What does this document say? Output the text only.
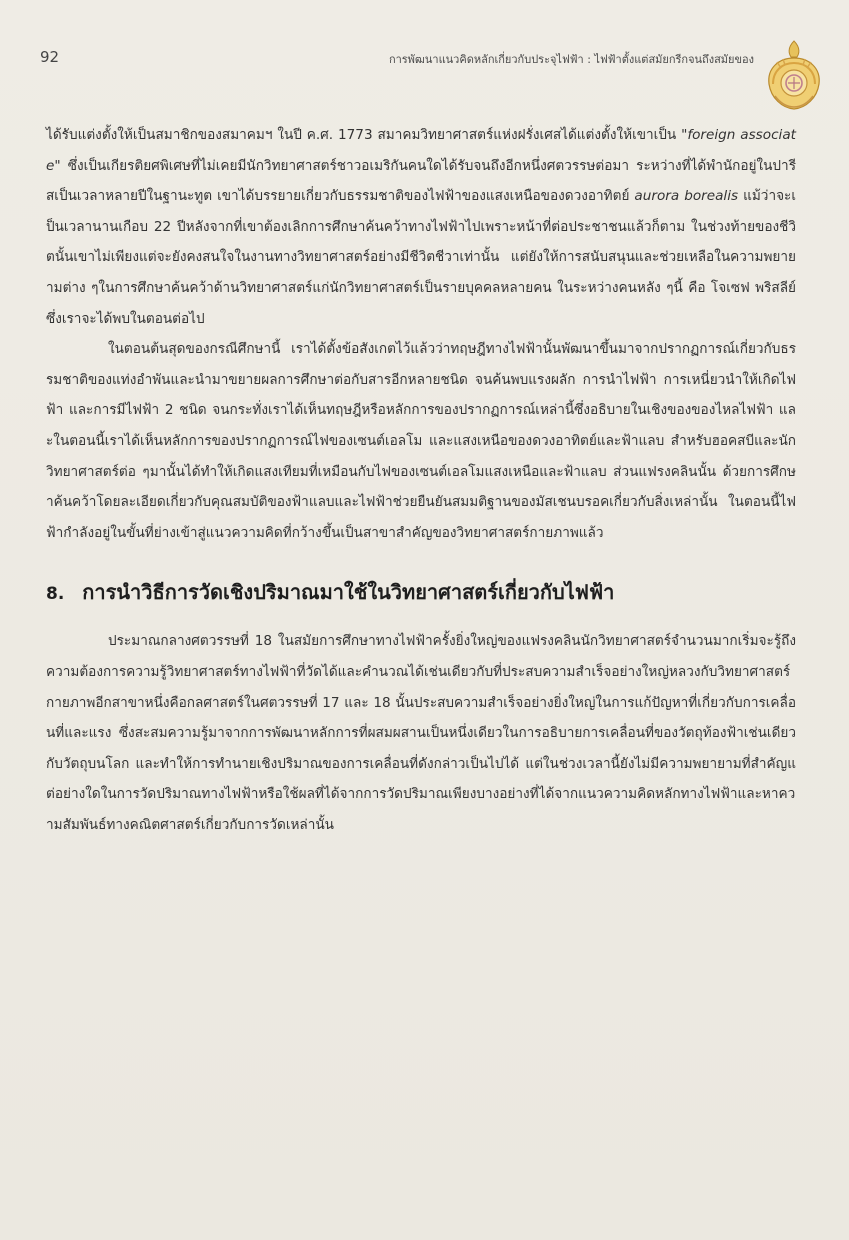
92	การพัฒนาแนวคิดหลักเกี่ยวกับประจุไฟฟ้า : ไฟฟ้าตั้งแต่สมัยกรีกจนถึงสมัยของ

ได้รับแต่งตั้งให้เป็นสมาชิกของสมาคมฯ ในปี ค.ศ. 1773 สมาคมวิทยาศาสตร์แห่งฝรั่งเศสได้แต่งตั้งให้เขาเป็น "foreign associate" ซึ่งเป็นเกียรติยศพิเศษที่ไม่เคยมีนักวิทยาศาสตร์ชาวอเมริกันคนใดได้รับจนถึงอีกหนึ่งศตวรรษต่อมา ระหว่างที่ได้พำนักอยู่ในปารีสเป็นเวลาหลายปีในฐานะทูต เขาได้บรรยายเกี่ยวกับธรรมชาติของไฟฟ้าของแสงเหนือของดวงอาทิตย์ aurora borealis แม้ว่าจะเป็นเวลานานเกือบ 22 ปีหลังจากที่เขาต้องเลิกการศึกษาค้นคว้าทางไฟฟ้าไปเพราะหน้าที่ต่อประชาชนแล้วก็ตาม ในช่วงท้ายของชีวิตนั้นเขาไม่เพียงแต่จะยังคงสนใจในงานทางวิทยาศาสตร์อย่างมีชีวิตชีวาเท่านั้น แต่ยังให้การสนับสนุนและช่วยเหลือในความพยายามต่าง ๆในการศึกษาค้นคว้าด้านวิทยาศาสตร์แก่นักวิทยาศาสตร์เป็นรายบุคคลหลายคน ในระหว่างคนหลัง ๆนี้ คือ โจเซฟ พริสลีย์ ซึ่งเราจะได้พบในตอนต่อไป

ในตอนต้นสุดของกรณีศึกษานี้ เราได้ตั้งข้อสังเกตไว้แล้วว่าทฤษฎีทางไฟฟ้านั้นพัฒนาขึ้นมาจากปรากฏการณ์เกี่ยวกับธรรมชาติของแท่งอำพันและนำมาขยายผลการศึกษาต่อกับสารอีกหลายชนิด จนค้นพบแรงผลัก การนำไฟฟ้า การเหนี่ยวนำให้เกิดไฟฟ้า และการมีไฟฟ้า 2 ชนิด จนกระทั่งเราได้เห็นทฤษฎีหรือหลักการของปรากฏการณ์เหล่านี้ซึ่งอธิบายในเชิงของของไหลไฟฟ้า และในตอนนี้เราได้เห็นหลักการของปรากฏการณ์ไฟของเซนต์เอลโม และแสงเหนือของดวงอาทิตย์และฟ้าแลบ สำหรับฮอคสบีและนักวิทยาศาสตร์ต่อ ๆมานั้นได้ทำให้เกิดแสงเทียมที่เหมือนกับไฟของเซนต์เอลโมแสงเหนือและฟ้าแลบ ส่วนแฟรงคลินนั้น ด้วยการศึกษาค้นคว้าโดยละเอียดเกี่ยวกับคุณสมบัติของฟ้าแลบและไฟฟ้าช่วยยืนยันสมมติฐานของมัสเชนบรอคเกี่ยวกับสิ่งเหล่านั้น ในตอนนี้ไฟฟ้ากำลังอยู่ในขั้นที่ย่างเข้าสู่แนวความคิดที่กว้างขึ้นเป็นสาขาสำคัญของวิทยาศาสตร์กายภาพแล้ว

8. การนำวิธีการวัดเชิงปริมาณมาใช้ในวิทยาศาสตร์เกี่ยวกับไฟฟ้า

ประมาณกลางศตวรรษที่ 18 ในสมัยการศึกษาทางไฟฟ้าครั้งยิ่งใหญ่ของแฟรงคลินนักวิทยาศาสตร์จำนวนมากเริ่มจะรู้ถึงความต้องการความรู้วิทยาศาสตร์ทางไฟฟ้าที่วัดได้และคำนวณได้เช่นเดียวกับที่ประสบความสำเร็จอย่างใหญ่หลวงกับวิทยาศาสตร์กายภาพอีกสาขาหนึ่งคือกลศาสตร์ในศตวรรษที่ 17 และ 18 นั้นประสบความสำเร็จอย่างยิ่งใหญ่ในการแก้ปัญหาที่เกี่ยวกับการเคลื่อนที่และแรง ซึ่งสะสมความรู้มาจากการพัฒนาหลักการที่ผสมผสานเป็นหนึ่งเดียวในการอธิบายการเคลื่อนที่ของวัตถุท้องฟ้าเช่นเดียวกับวัตถุบนโลก และทำให้การทำนายเชิงปริมาณของการเคลื่อนที่ดังกล่าวเป็นไปได้ แต่ในช่วงเวลานี้ยังไม่มีความพยายามที่สำคัญแต่อย่างใดในการวัดปริมาณทางไฟฟ้าหรือใช้ผลที่ได้จากการวัดปริมาณเพียงบางอย่างที่ได้จากแนวความคิดหลักทางไฟฟ้าและหาความสัมพันธ์ทางคณิตศาสตร์เกี่ยวกับการวัดเหล่านั้น
